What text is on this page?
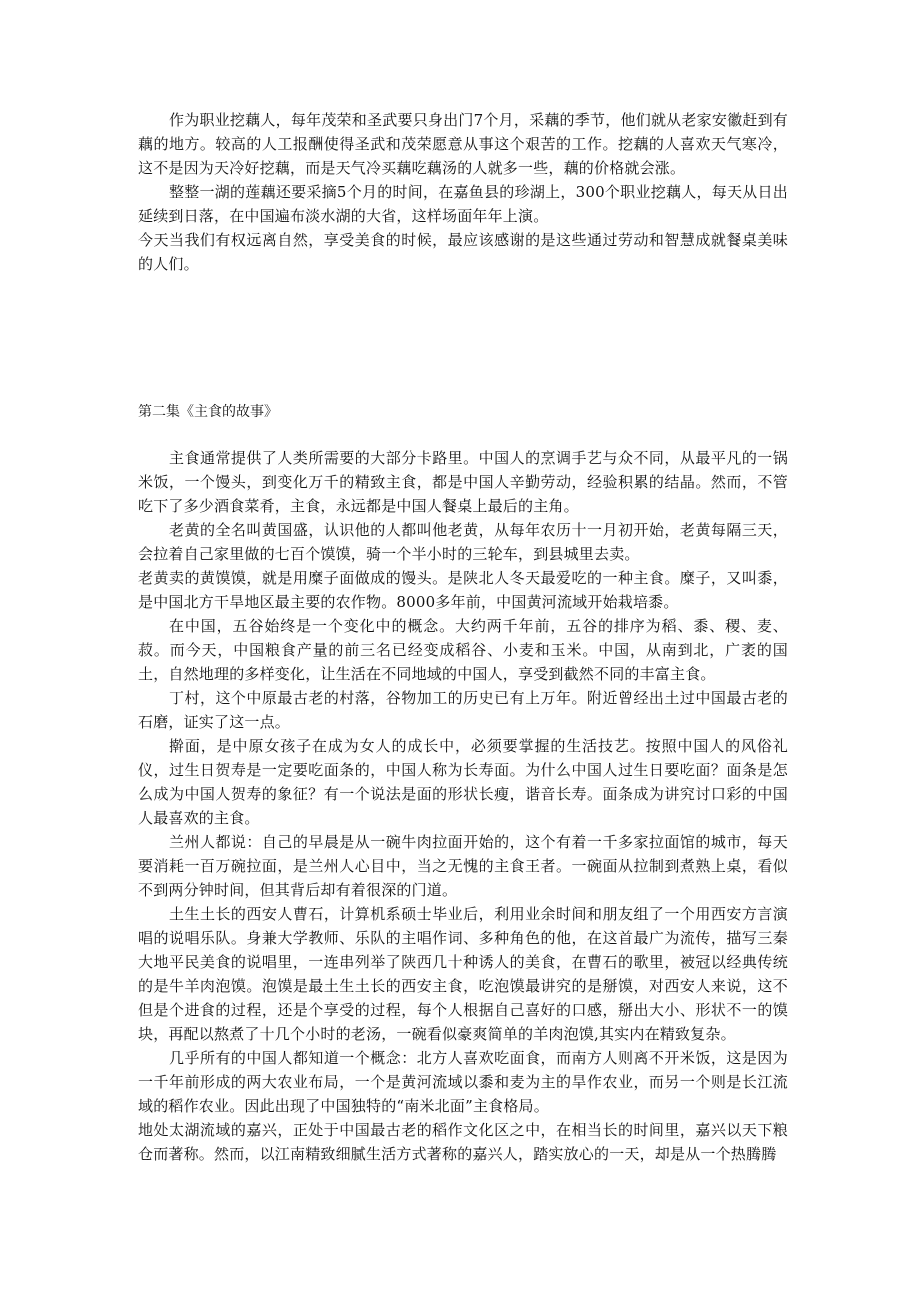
作为职业挖藕人，每年茂荣和圣武要只身出门7个月，采藕的季节，他们就从老家安徽赶到有藕的地方。较高的人工报酬使得圣武和茂荣愿意从事这个艰苦的工作。挖藕的人喜欢天气寒冷，这不是因为天冷好挖藕，而是天气冷买藕吃藕汤的人就多一些，藕的价格就会涨。

整整一湖的莲藕还要采摘5个月的时间，在嘉鱼县的珍湖上，300个职业挖藕人，每天从日出延续到日落，在中国遍布淡水湖的大省，这样场面年年上演。

今天当我们有权远离自然，享受美食的时候，最应该感谢的是这些通过劳动和智慧成就餐桌美味的人们。

第二集《主食的故事》

主食通常提供了人类所需要的大部分卡路里。中国人的烹调手艺与众不同，从最平凡的一锅米饭，一个馒头，到变化万千的精致主食，都是中国人辛勤劳动，经验积累的结晶。然而，不管吃下了多少酒食菜肴，主食，永远都是中国人餐桌上最后的主角。

老黄的全名叫黄国盛，认识他的人都叫他老黄，从每年农历十一月初开始，老黄每隔三天，会拉着自己家里做的七百个馍馍，骑一个半小时的三轮车，到县城里去卖。

老黄卖的黄馍馍，就是用糜子面做成的馒头。是陕北人冬天最爱吃的一种主食。糜子，又叫黍，是中国北方干旱地区最主要的农作物。8000多年前，中国黄河流域开始栽培黍。

在中国，五谷始终是一个变化中的概念。大约两千年前，五谷的排序为稻、黍、稷、麦、菽。而今天，中国粮食产量的前三名已经变成稻谷、小麦和玉米。中国，从南到北，广袤的国土，自然地理的多样变化，让生活在不同地域的中国人，享受到截然不同的丰富主食。

丁村，这个中原最古老的村落，谷物加工的历史已有上万年。附近曾经出土过中国最古老的石磨，证实了这一点。

擀面，是中原女孩子在成为女人的成长中，必须要掌握的生活技艺。按照中国人的风俗礼仪，过生日贺寿是一定要吃面条的，中国人称为长寿面。为什么中国人过生日要吃面？面条是怎么成为中国人贺寿的象征？有一个说法是面的形状长瘦，谐音长寿。面条成为讲究讨口彩的中国人最喜欢的主食。

兰州人都说：自己的早晨是从一碗牛肉拉面开始的，这个有着一千多家拉面馆的城市，每天要消耗一百万碗拉面，是兰州人心目中，当之无愧的主食王者。一碗面从拉制到煮熟上桌，看似不到两分钟时间，但其背后却有着很深的门道。

土生土长的西安人曹石，计算机系硕士毕业后，利用业余时间和朋友组了一个用西安方言演唱的说唱乐队。身兼大学教师、乐队的主唱作词、多种角色的他，在这首最广为流传，描写三秦大地平民美食的说唱里，一连串列举了陕西几十种诱人的美食，在曹石的歌里，被冠以经典传统的是牛羊肉泡馍。泡馍是最土生土长的西安主食，吃泡馍最讲究的是掰馍，对西安人来说，这不但是个进食的过程，还是个享受的过程，每个人根据自己喜好的口感，掰出大小、形状不一的馍块，再配以熬煮了十几个小时的老汤，一碗看似豪爽简单的羊肉泡馍,其实内在精致复杂。

几乎所有的中国人都知道一个概念：北方人喜欢吃面食，而南方人则离不开米饭，这是因为一千年前形成的两大农业布局，一个是黄河流域以黍和麦为主的旱作农业，而另一个则是长江流域的稻作农业。因此出现了中国独特的“南米北面”主食格局。

地处太湖流域的嘉兴，正处于中国最古老的稻作文化区之中，在相当长的时间里，嘉兴以天下粮仓而著称。然而，以江南精致细腻生活方式著称的嘉兴人，踏实放心的一天，却是从一个热腾腾
